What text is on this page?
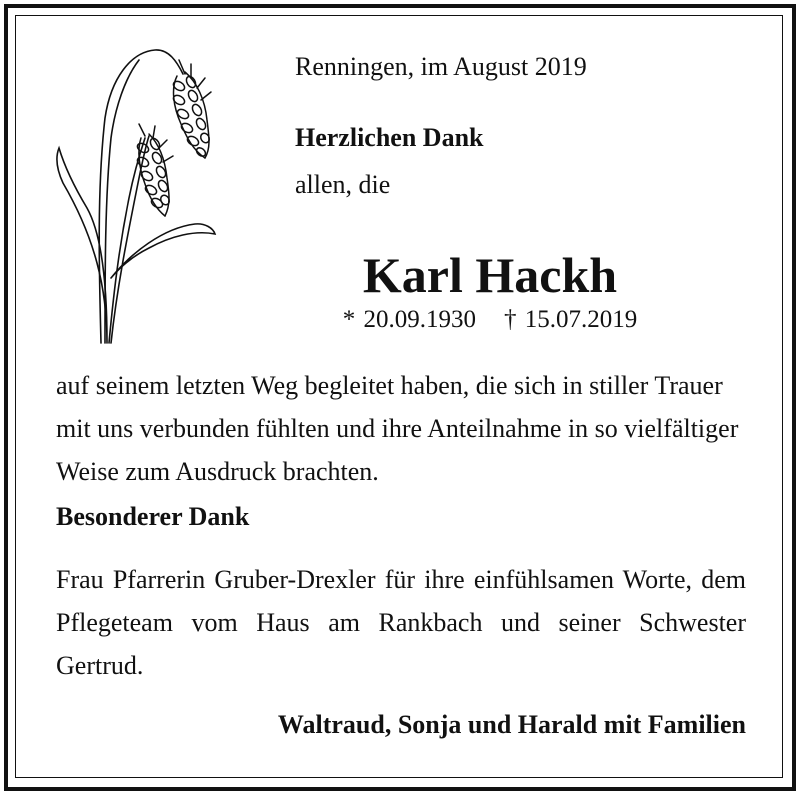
Renningen, im August 2019

Herzlichen Dank

allen, die

Karl Hackh

* 20.09.1930 † 15.07.2019

auf seinem letzten Weg begleitet haben, die sich in stiller Trauer mit uns verbunden fühlten und ihre Anteilnahme in so vielfältiger Weise zum Ausdruck brachten.

Besonderer Dank

Frau Pfarrerin Gruber-Drexler für ihre einfühlsamen Worte, dem Pflegeteam vom Haus am Rankbach und seiner Schwester Gertrud.

Waltraud, Sonja und Harald mit Familien
